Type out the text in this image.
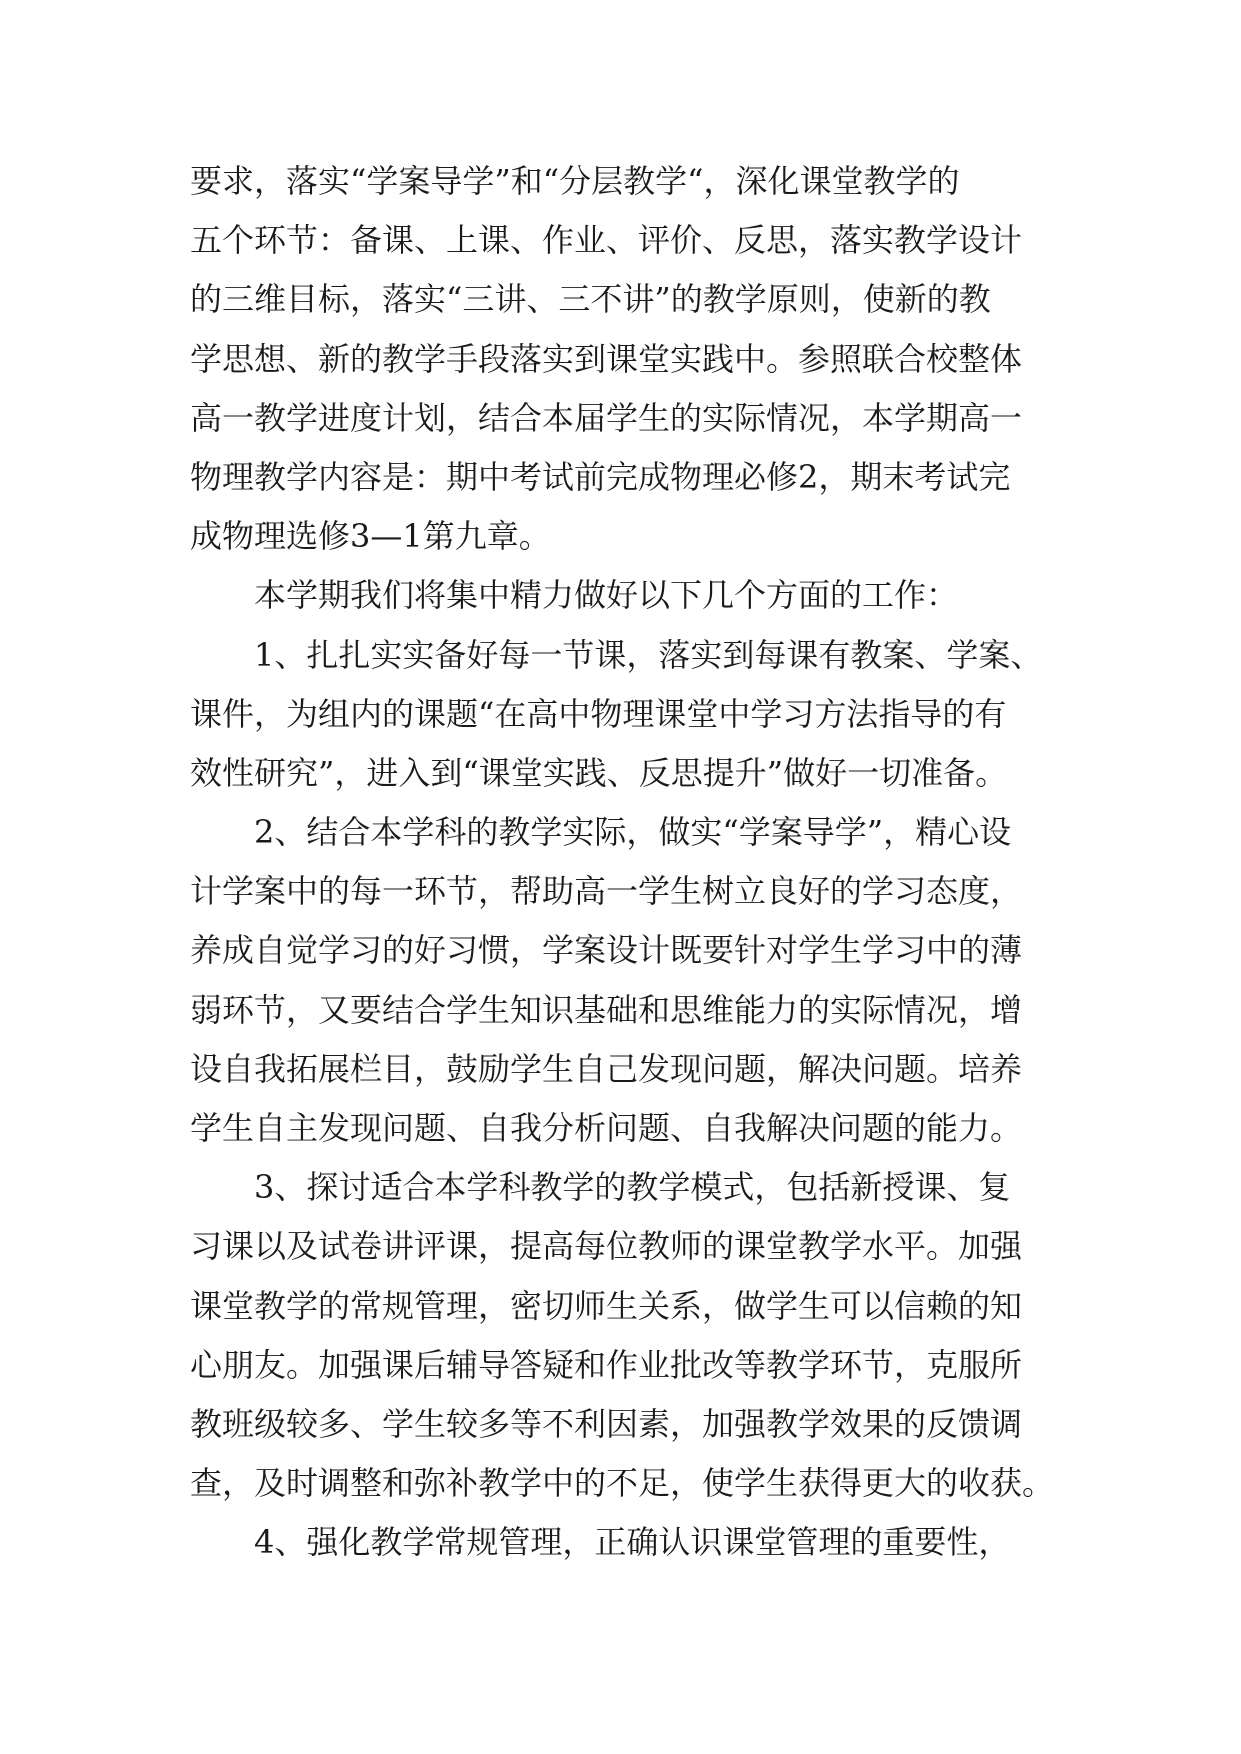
要求，落实“学案导学”和“分层教学“，深化课堂教学的
五个环节：备课、上课、作业、评价、反思，落实教学设计
的三维目标，落实“三讲、三不讲”的教学原则，使新的教
学思想、新的教学手段落实到课堂实践中。参照联合校整体
高一教学进度计划，结合本届学生的实际情况，本学期高一
物理教学内容是：期中考试前完成物理必修2，期末考试完
成物理选修3—1第九章。
本学期我们将集中精力做好以下几个方面的工作：
1、扎扎实实备好每一节课，落实到每课有教案、学案、
课件，为组内的课题“在高中物理课堂中学习方法指导的有
效性研究”，进入到“课堂实践、反思提升”做好一切准备。
2、结合本学科的教学实际，做实“学案导学”，精心设
计学案中的每一环节，帮助高一学生树立良好的学习态度，
养成自觉学习的好习惯，学案设计既要针对学生学习中的薄
弱环节，又要结合学生知识基础和思维能力的实际情况，增
设自我拓展栏目，鼓励学生自己发现问题，解决问题。培养
学生自主发现问题、自我分析问题、自我解决问题的能力。
3、探讨适合本学科教学的教学模式，包括新授课、复
习课以及试卷讲评课，提高每位教师的课堂教学水平。加强
课堂教学的常规管理，密切师生关系，做学生可以信赖的知
心朋友。加强课后辅导答疑和作业批改等教学环节，克服所
教班级较多、学生较多等不利因素，加强教学效果的反馈调
查，及时调整和弥补教学中的不足，使学生获得更大的收获。
4、强化教学常规管理，正确认识课堂管理的重要性，
